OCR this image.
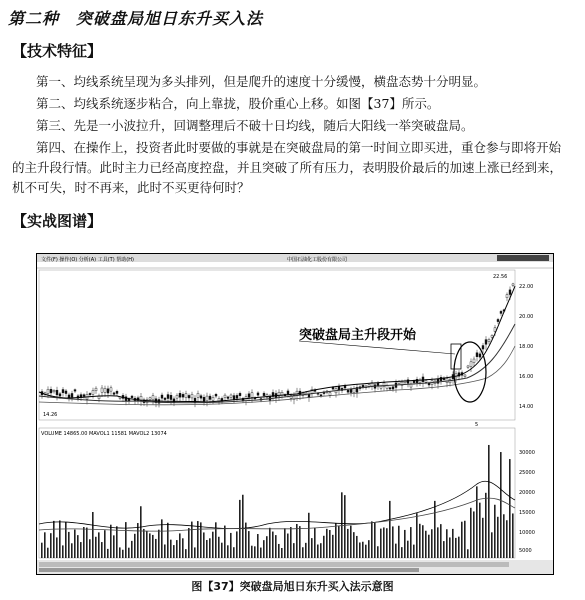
第二种　突破盘局旭日东升买入法
【技术特征】
第一、均线系统呈现为多头排列，但是爬升的速度十分缓慢，横盘态势十分明显。
第二、均线系统逐步粘合，向上靠拢，股价重心上移。如图【37】所示。
第三、先是一小波拉升，回调整理后不破十日均线，随后大阳线一举突破盘局。
第四、在操作上，投资者此时要做的事就是在突破盘局的第一时间立即买进，重仓参与即将开始的主升段行情。此时主力已经高度控盘，并且突破了所有压力，表明股价最后的加速上涨已经到来，机不可失，时不再来，此时不买更待何时？
【实战图谱】
文件(F) 操作(O) 分析(A) 工具(T) 帮助(H)	中国石油化工股份有限公司
22.00
20.00
18.00
16.00
14.00
22.56
14.26
突破盘局主升段开始
5
VOLUME 14865.00 MAVOL1 11581 MAVOL2 13074
30000
25000
20000
15000
10000
5000
图【37】突破盘局旭日东升买入法示意图
